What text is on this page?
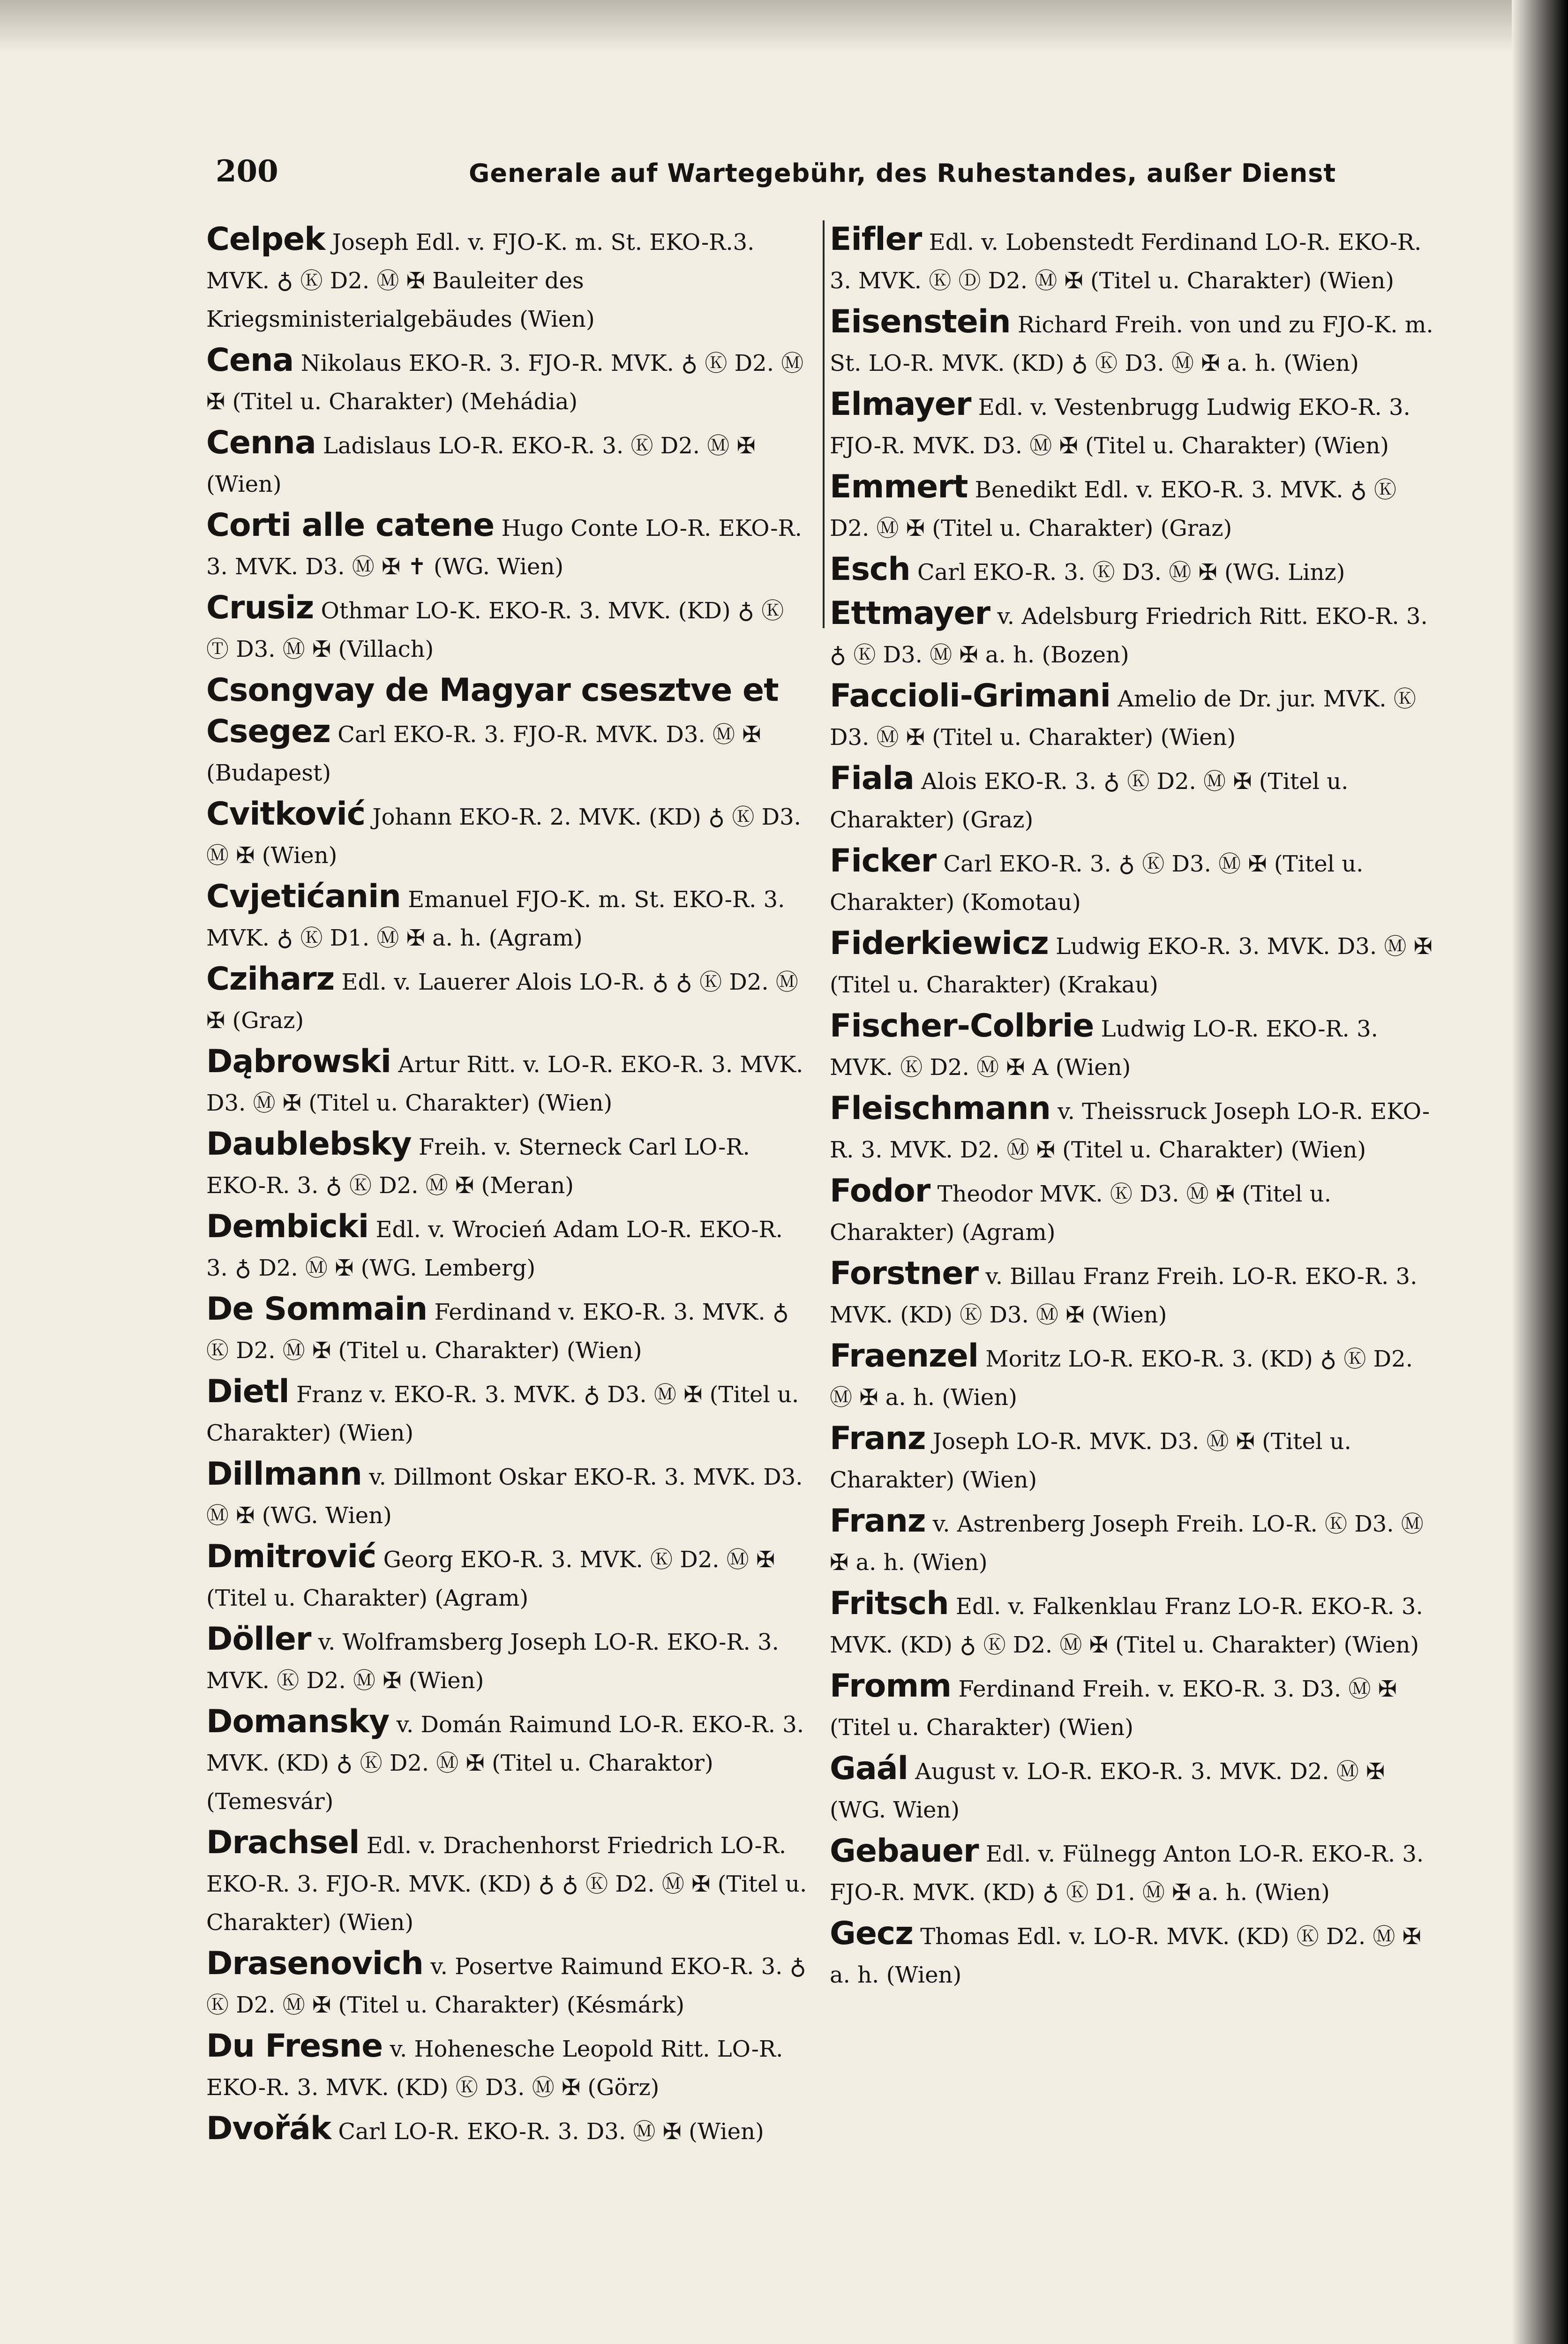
200	Generale auf Wartegebühr, des Ruhestandes, außer Dienst
Celpek Joseph Edl. v. FJO-K. m. St. EKO-R.3. MVK. ♁ Ⓚ D2. Ⓜ ✠ Bauleiter des Kriegsministerialgebäudes (Wien)
Cena Nikolaus EKO-R. 3. FJO-R. MVK. ♁ Ⓚ D2. Ⓜ ✠ (Titel u. Charakter) (Mehádia)
Cenna Ladislaus LO-R. EKO-R. 3. Ⓚ D2. Ⓜ ✠ (Wien)
Corti alle catene Hugo Conte LO-R. EKO-R. 3. MVK. D3. Ⓜ ✠ ✝ (WG. Wien)
Crusiz Othmar LO-K. EKO-R. 3. MVK. (KD) ♁ Ⓚ Ⓣ D3. Ⓜ ✠ (Villach)
Csongvay de Magyar csesztve et Csegez Carl EKO-R. 3. FJO-R. MVK. D3. Ⓜ ✠ (Budapest)
Cvitković Johann EKO-R. 2. MVK. (KD) ♁ Ⓚ D3. Ⓜ ✠ (Wien)
Cvjetićanin Emanuel FJO-K. m. St. EKO-R. 3. MVK. ♁ Ⓚ D1. Ⓜ ✠ a. h. (Agram)
Cziharz Edl. v. Lauerer Alois LO-R. ♁ ♁ Ⓚ D2. Ⓜ ✠ (Graz)
Dąbrowski Artur Ritt. v. LO-R. EKO-R. 3. MVK. D3. Ⓜ ✠ (Titel u. Charakter) (Wien)
Daublebsky Freih. v. Sterneck Carl LO-R. EKO-R. 3. ♁ Ⓚ D2. Ⓜ ✠ (Meran)
Dembicki Edl. v. Wrocień Adam LO-R. EKO-R. 3. ♁ D2. Ⓜ ✠ (WG. Lemberg)
De Sommain Ferdinand v. EKO-R. 3. MVK. ♁ Ⓚ D2. Ⓜ ✠ (Titel u. Charakter) (Wien)
Dietl Franz v. EKO-R. 3. MVK. ♁ D3. Ⓜ ✠ (Titel u. Charakter) (Wien)
Dillmann v. Dillmont Oskar EKO-R. 3. MVK. D3. Ⓜ ✠ (WG. Wien)
Dmitrović Georg EKO-R. 3. MVK. Ⓚ D2. Ⓜ ✠ (Titel u. Charakter) (Agram)
Döller v. Wolframsberg Joseph LO-R. EKO-R. 3. MVK. Ⓚ D2. Ⓜ ✠ (Wien)
Domansky v. Domán Raimund LO-R. EKO-R. 3. MVK. (KD) ♁ Ⓚ D2. Ⓜ ✠ (Titel u. Charaktor) (Temesvár)
Drachsel Edl. v. Drachenhorst Friedrich LO-R. EKO-R. 3. FJO-R. MVK. (KD) ♁ ♁ Ⓚ D2. Ⓜ ✠ (Titel u. Charakter) (Wien)
Drasenovich v. Posertve Raimund EKO-R. 3. ♁ Ⓚ D2. Ⓜ ✠ (Titel u. Charakter) (Késmárk)
Du Fresne v. Hohenesche Leopold Ritt. LO-R. EKO-R. 3. MVK. (KD) Ⓚ D3. Ⓜ ✠ (Görz)
Dvořák Carl LO-R. EKO-R. 3. D3. Ⓜ ✠ (Wien)
Eifler Edl. v. Lobenstedt Ferdinand LO-R. EKO-R. 3. MVK. Ⓚ Ⓓ D2. Ⓜ ✠ (Titel u. Charakter) (Wien)
Eisenstein Richard Freih. von und zu FJO-K. m. St. LO-R. MVK. (KD) ♁ Ⓚ D3. Ⓜ ✠ a. h. (Wien)
Elmayer Edl. v. Vestenbrugg Ludwig EKO-R. 3. FJO-R. MVK. D3. Ⓜ ✠ (Titel u. Charakter) (Wien)
Emmert Benedikt Edl. v. EKO-R. 3. MVK. ♁ Ⓚ D2. Ⓜ ✠ (Titel u. Charakter) (Graz)
Esch Carl EKO-R. 3. Ⓚ D3. Ⓜ ✠ (WG. Linz)
Ettmayer v. Adelsburg Friedrich Ritt. EKO-R. 3. ♁ Ⓚ D3. Ⓜ ✠ a. h. (Bozen)
Faccioli-Grimani Amelio de Dr. jur. MVK. Ⓚ D3. Ⓜ ✠ (Titel u. Charakter) (Wien)
Fiala Alois EKO-R. 3. ♁ Ⓚ D2. Ⓜ ✠ (Titel u. Charakter) (Graz)
Ficker Carl EKO-R. 3. ♁ Ⓚ D3. Ⓜ ✠ (Titel u. Charakter) (Komotau)
Fiderkiewicz Ludwig EKO-R. 3. MVK. D3. Ⓜ ✠ (Titel u. Charakter) (Krakau)
Fischer-Colbrie Ludwig LO-R. EKO-R. 3. MVK. Ⓚ D2. Ⓜ ✠ A (Wien)
Fleischmann v. Theissruck Joseph LO-R. EKO-R. 3. MVK. D2. Ⓜ ✠ (Titel u. Charakter) (Wien)
Fodor Theodor MVK. Ⓚ D3. Ⓜ ✠ (Titel u. Charakter) (Agram)
Forstner v. Billau Franz Freih. LO-R. EKO-R. 3. MVK. (KD) Ⓚ D3. Ⓜ ✠ (Wien)
Fraenzel Moritz LO-R. EKO-R. 3. (KD) ♁ Ⓚ D2. Ⓜ ✠ a. h. (Wien)
Franz Joseph LO-R. MVK. D3. Ⓜ ✠ (Titel u. Charakter) (Wien)
Franz v. Astrenberg Joseph Freih. LO-R. Ⓚ D3. Ⓜ ✠ a. h. (Wien)
Fritsch Edl. v. Falkenklau Franz LO-R. EKO-R. 3. MVK. (KD) ♁ Ⓚ D2. Ⓜ ✠ (Titel u. Charakter) (Wien)
Fromm Ferdinand Freih. v. EKO-R. 3. D3. Ⓜ ✠ (Titel u. Charakter) (Wien)
Gaál August v. LO-R. EKO-R. 3. MVK. D2. Ⓜ ✠ (WG. Wien)
Gebauer Edl. v. Fülnegg Anton LO-R. EKO-R. 3. FJO-R. MVK. (KD) ♁ Ⓚ D1. Ⓜ ✠ a. h. (Wien)
Gecz Thomas Edl. v. LO-R. MVK. (KD) Ⓚ D2. Ⓜ ✠ a. h. (Wien)
